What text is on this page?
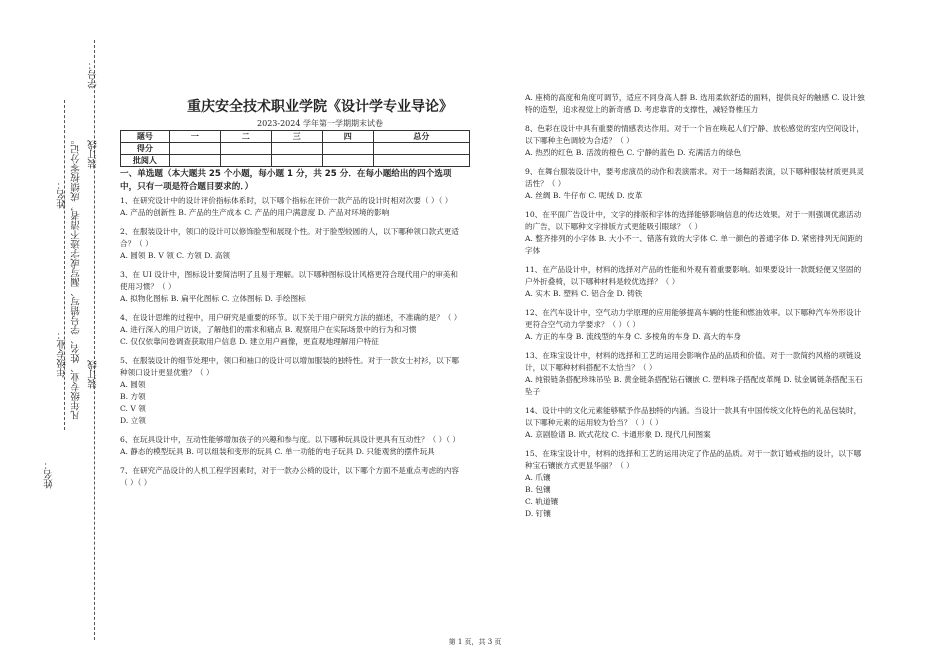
学号：
装订线
姓名： 凡年级专业、姓名、学号错写、漏写或字迹不清者，成绩按零分记。
年级专业： 装订线
姓名：
重庆安全技术职业学院《设计学专业导论》
2023-2024 学年第一学期期末试卷
题号	一	二	三	四	总分
得分					
批阅人					

一、单选题（本大题共 25 个小题，每小题 1 分，共 25 分．在每小题给出的四个选项中，只有一项是符合题目要求的．）

1、在研究设计中的设计评价指标体系时，以下哪个指标在评价一款产品的设计时相对次要（ ）（ ）

A. 产品的创新性 B. 产品的生产成本 C. 产品的用户满意度 D. 产品对环境的影响

2、在服装设计中，领口的设计可以修饰脸型和展现个性。对于脸型较圆的人，以下哪种领口款式更适合？（ ）

A. 圆领 B. V 领 C. 方领 D. 高领

3、在 UI 设计中，图标设计要简洁明了且易于理解。以下哪种图标设计风格更符合现代用户的审美和使用习惯？（ ）

A. 拟物化图标 B. 扁平化图标 C. 立体图标 D. 手绘图标

4、在设计思维的过程中，用户研究是重要的环节。以下关于用户研究方法的描述，不准确的是？（ ）

A. 进行深入的用户访谈，了解他们的需求和痛点 B. 观察用户在实际场景中的行为和习惯

C. 仅仅依靠问卷调查获取用户信息 D. 建立用户画像，更直观地理解用户特征

5、在服装设计的细节处理中，领口和袖口的设计可以增加服装的独特性。对于一款女士衬衫，以下哪种领口设计更显优雅？（ ）

A. 圆领

B. 方领

C. V 领

D. 立领

6、在玩具设计中，互动性能够增加孩子的兴趣和参与度。以下哪种玩具设计更具有互动性？（ ）（ ）

A. 静态的模型玩具 B. 可以组装和变形的玩具 C. 单一功能的电子玩具 D. 只能观赏的摆件玩具

7、在研究产品设计的人机工程学因素时，对于一款办公椅的设计，以下哪个方面不是重点考虑的内容（ ）（ ）

A. 座椅的高度和角度可调节，适应不同身高人群 B. 选用柔软舒适的面料，提供良好的触感 C. 设计独特的造型，追求视觉上的新奇感 D. 考虑靠背的支撑性，减轻脊椎压力

8、色彩在设计中具有重要的情感表达作用。对于一个旨在唤起人们宁静、放松感觉的室内空间设计，以下哪种主色调较为合适？（ ）

A. 热烈的红色 B. 活泼的橙色 C. 宁静的蓝色 D. 充满活力的绿色

9、在舞台服装设计中，要考虑演员的动作和表演需求。对于一场舞蹈表演，以下哪种服装材质更具灵活性？（ ）

A. 丝绸 B. 牛仔布 C. 呢绒 D. 皮革

10、在平面广告设计中，文字的排版和字体的选择能够影响信息的传达效果。对于一则强调优惠活动的广告，以下哪种文字排版方式更能吸引眼球？（ ）

A. 整齐排列的小字体 B. 大小不一、错落有致的大字体 C. 单一颜色的普通字体 D. 紧密排列无间距的字体

11、在产品设计中，材料的选择对产品的性能和外观有着重要影响。如果要设计一款既轻便又坚固的户外折叠椅，以下哪种材料是较优选择？（ ）

A. 实木 B. 塑料 C. 铝合金 D. 铸铁

12、在汽车设计中，空气动力学原理的应用能够提高车辆的性能和燃油效率。以下哪种汽车外形设计更符合空气动力学要求？（ ）（ ）

A. 方正的车身 B. 流线型的车身 C. 多棱角的车身 D. 高大的车身

13、在珠宝设计中，材料的选择和工艺的运用会影响作品的品质和价值。对于一款简约风格的项链设计，以下哪种材料搭配不太恰当？（ ）

A. 纯银链条搭配珍珠吊坠 B. 黄金链条搭配钻石镶嵌 C. 塑料珠子搭配皮革绳 D. 钛金属链条搭配玉石坠子

14、设计中的文化元素能够赋予作品独特的内涵。当设计一款具有中国传统文化特色的礼品包装时，以下哪种元素的运用较为恰当？（ ）（ ）

A. 京剧脸谱 B. 欧式花纹 C. 卡通形象 D. 现代几何图案

15、在珠宝设计中，材料的选择和工艺的运用决定了作品的品质。对于一款订婚戒指的设计，以下哪种宝石镶嵌方式更显华丽？（ ）

A. 爪镶

B. 包镶

C. 轨道镶

D. 钉镶

第 1 页，共 3 页
